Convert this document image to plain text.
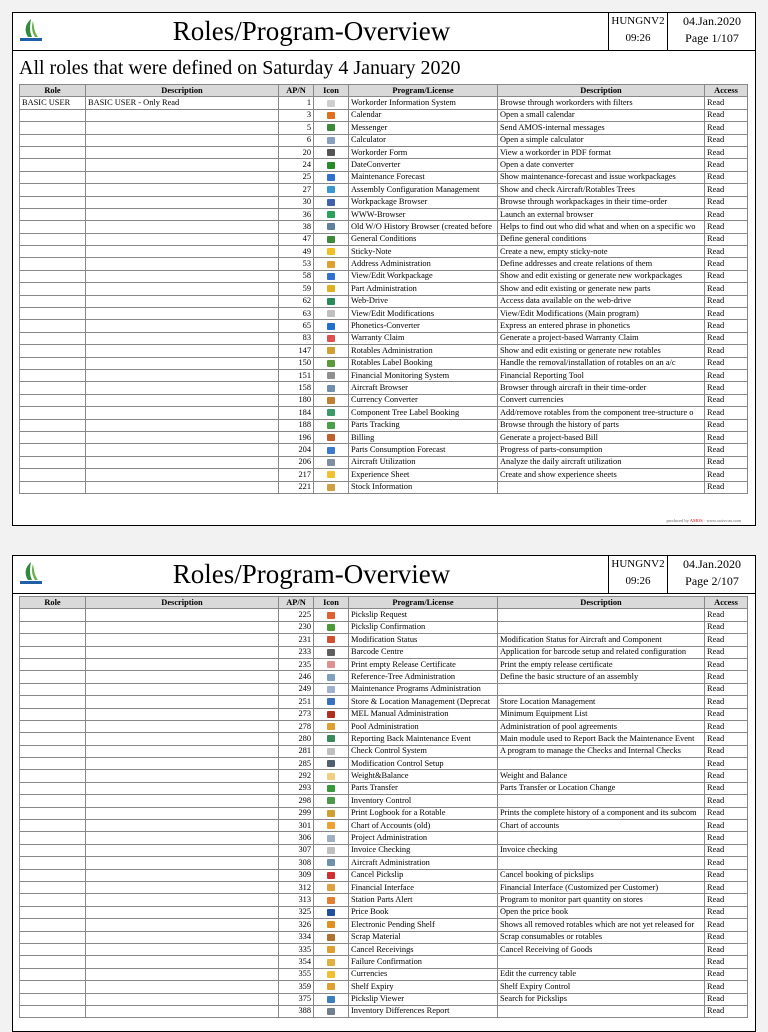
Roles/Program-Overview	HUNGNV2
09:26
04.Jan.2020
Page 1/107
All roles that were defined on Saturday 4 January 2020
Role	Description	AP/N	Icon	Program/License	Description	Access
BASIC USER	BASIC USER - Only Read	1		Workorder Information System	Browse through workorders with filters	Read
		3		Calendar	Open a small calendar	Read
		5		Messenger	Send AMOS-internal messages	Read
		6		Calculator	Open a simple calculator	Read
		20		Workorder Form	View a workorder in PDF format	Read
		24		DateConverter	Open a date converter	Read
		25		Maintenance Forecast	Show maintenance-forecast and issue workpackages	Read
		27		Assembly Configuration Management	Show and check Aircraft/Rotables Trees	Read
		30		Workpackage Browser	Browse through workpackages in their time-order	Read
		36		WWW-Browser	Launch an external browser	Read
		38		Old W/O History Browser (created before	Helps to find out who did what and when on a specific wo	Read
		47		General Conditions	Define general conditions	Read
		49		Sticky-Note	Create a new, empty sticky-note	Read
		53		Address Administration	Define addresses and create relations of them	Read
		58		View/Edit Workpackage	Show and edit existing or generate new workpackages	Read
		59		Part Administration	Show and edit existing or generate new parts	Read
		62		Web-Drive	Access data available on the web-drive	Read
		63		View/Edit Modifications	View/Edit Modifications (Main program)	Read
		65		Phonetics-Converter	Express an entered phrase in phonetics	Read
		83		Warranty Claim	Generate a project-based Warranty Claim	Read
		147		Rotables Administration	Show and edit existing or generate new rotables	Read
		150		Rotables Label Booking	Handle the removal/installation of rotables on an a/c	Read
		151		Financial Monitoring System	Financial Reporting Tool	Read
		158		Aircraft Browser	Browser through aircraft in their time-order	Read
		180		Currency Converter	Convert currencies	Read
		184		Component Tree Label Booking	Add/remove rotables from the component tree-structure o	Read
		188		Parts Tracking	Browse through the history of parts	Read
		196		Billing	Generate a project-based Bill	Read
		204		Parts Consumption Forecast	Progress of parts-consumption	Read
		206		Aircraft Utilization	Analyze the daily aircraft utilization	Read
		217		Experience Sheet	Create and show experience sheets	Read
		221		Stock Information		Read
produced by AMOS · www.swiss-as.com
Roles/Program-Overview	HUNGNV2
09:26
04.Jan.2020
Page 2/107
Role	Description	AP/N	Icon	Program/License	Description	Access
		225		Pickslip Request		Read
		230		Pickslip Confirmation		Read
		231		Modification Status	Modification Status for Aircraft and Component	Read
		233		Barcode Centre	Application for barcode setup and related configuration	Read
		235		Print empty Release Certificate	Print the empty release certificate	Read
		246		Reference-Tree Administration	Define the basic structure of an assembly	Read
		249		Maintenance Programs Administration		Read
		251		Store & Location Management (Deprecat	Store Location Management	Read
		273		MEL Manual Administration	Minimum Equipment List	Read
		278		Pool Administration	Administration of pool agreements	Read
		280		Reporting Back Maintenance Event	Main module used to Report Back the Maintenance Event	Read
		281		Check Control System	A program to manage the Checks and Internal Checks	Read
		285		Modification Control Setup		Read
		292		Weight&Balance	Weight and Balance	Read
		293		Parts Transfer	Parts Transfer or Location Change	Read
		298		Inventory Control		Read
		299		Print Logbook for a Rotable	Prints the complete history of a component and its subcom	Read
		301		Chart of Accounts (old)	Chart of accounts	Read
		306		Project Administration		Read
		307		Invoice Checking	Invoice checking	Read
		308		Aircraft Administration		Read
		309		Cancel Pickslip	Cancel booking of pickslips	Read
		312		Financial Interface	Financial Interface (Customized per Customer)	Read
		313		Station Parts Alert	Program to monitor part quantity on stores	Read
		325		Price Book	Open the price book	Read
		326		Electronic Pending Shelf	Shows all removed rotables which are not yet released for	Read
		334		Scrap Material	Scrap consumables or rotables	Read
		335		Cancel Receivings	Cancel Receiving of Goods	Read
		354		Failure Confirmation		Read
		355		Currencies	Edit the currency table	Read
		359		Shelf Expiry	Shelf Expiry Control	Read
		375		Pickslip Viewer	Search for Pickslips	Read
		388		Inventory Differences Report		Read
